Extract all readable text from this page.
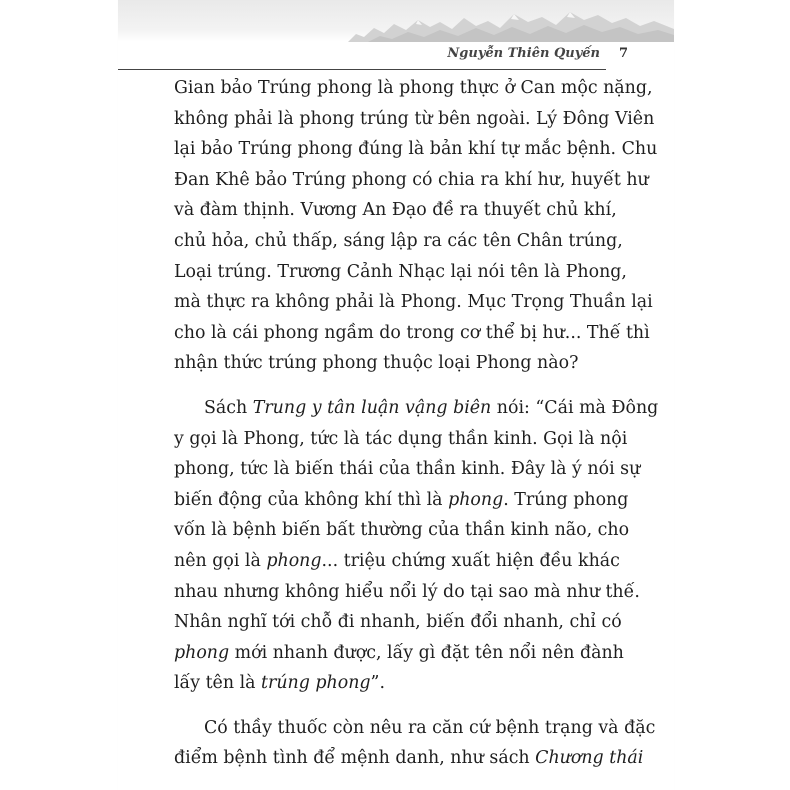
Nguyễn Thiên Quyến	7

Gian bảo Trúng phong là phong thực ở Can mộc nặng,
không phải là phong trúng từ bên ngoài. Lý Đông Viên
lại bảo Trúng phong đúng là bản khí tự mắc bệnh. Chu
Đan Khê bảo Trúng phong có chia ra khí hư, huyết hư
và đàm thịnh. Vương An Đạo đề ra thuyết chủ khí,
chủ hỏa, chủ thấp, sáng lập ra các tên Chân trúng,
Loại trúng. Trương Cảnh Nhạc lại nói tên là Phong,
mà thực ra không phải là Phong. Mục Trọng Thuần lại
cho là cái phong ngầm do trong cơ thể bị hư... Thế thì
nhận thức trúng phong thuộc loại Phong nào?

Sách Trung y tân luận vậng biên nói: “Cái mà Đông
y gọi là Phong, tức là tác dụng thần kinh. Gọi là nội
phong, tức là biến thái của thần kinh. Đây là ý nói sự
biến động của không khí thì là phong. Trúng phong
vốn là bệnh biến bất thường của thần kinh não, cho
nên gọi là phong... triệu chứng xuất hiện đều khác
nhau nhưng không hiểu nổi lý do tại sao mà như thế.
Nhân nghĩ tới chỗ đi nhanh, biến đổi nhanh, chỉ có
phong mới nhanh được, lấy gì đặt tên nổi nên đành
lấy tên là trúng phong”.

Có thầy thuốc còn nêu ra căn cứ bệnh trạng và đặc
điểm bệnh tình để mệnh danh, như sách Chương thái
